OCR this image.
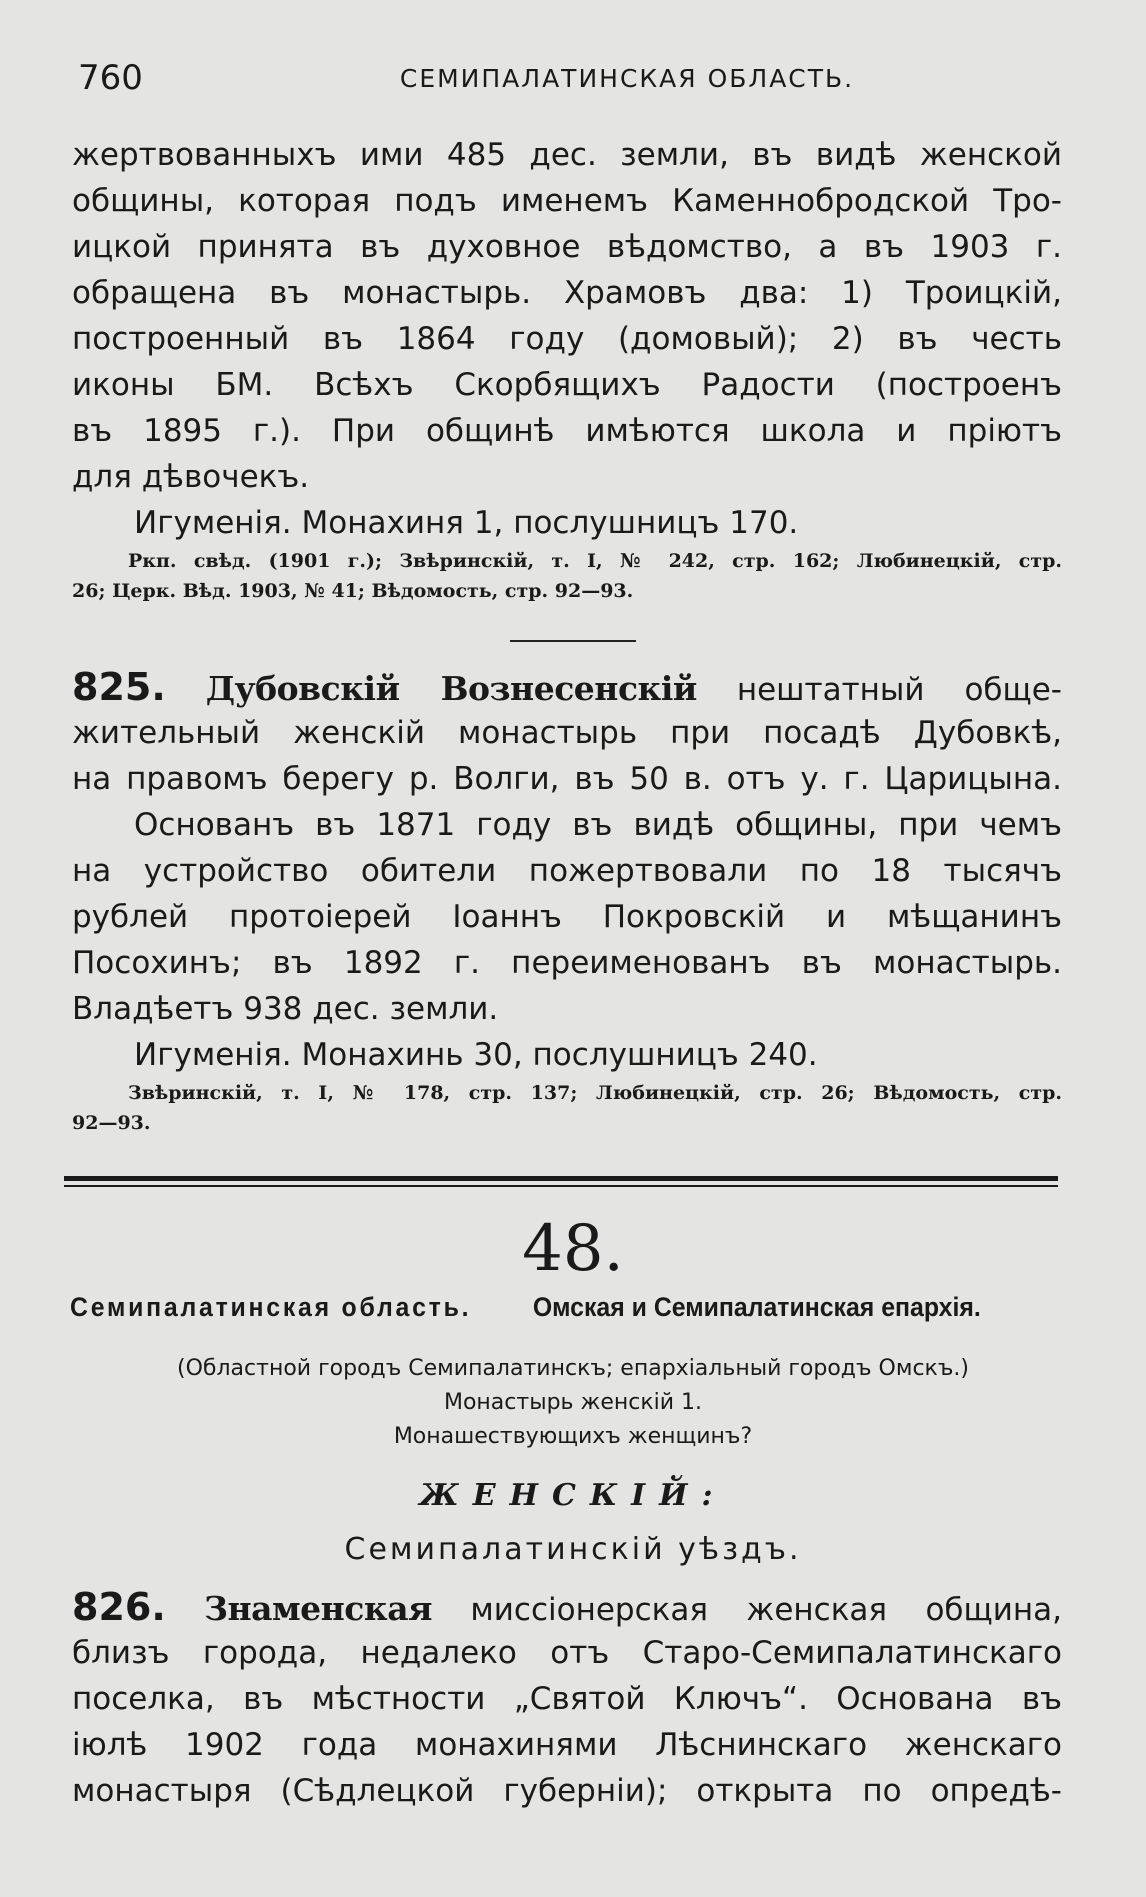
760	СЕМИПАЛАТИНСКАЯ ОБЛАСТЬ.
жертвованныхъ ими 485 дес. земли, въ видѣ женской
общины, которая подъ именемъ Каменнобродской Тро-
ицкой принята въ духовное вѣдомство, а въ 1903 г.
обращена въ монастырь. Храмовъ два: 1) Троицкій,
построенный въ 1864 году (домовый); 2) въ честь
иконы БМ. Всѣхъ Скорбящихъ Радости (построенъ
въ 1895 г.). При общинѣ имѣются школа и пріютъ
для дѣвочекъ.
Игуменія. Монахиня 1, послушницъ 170.
Ркп. свѣд. (1901 г.); Звѣринскій, т. I, № 242, стр. 162; Любинецкій, стр.
26; Церк. Вѣд. 1903, № 41; Вѣдомость, стр. 92—93.
825. Дубовскій Вознесенскій нештатный обще-
жительный женскій монастырь при посадѣ Дубовкѣ,
на правомъ берегу р. Волги, въ 50 в. отъ у. г. Царицына.
Основанъ въ 1871 году въ видѣ общины, при чемъ
на устройство обители пожертвовали по 18 тысячъ
рублей протоіерей Іоаннъ Покровскій и мѣщанинъ
Посохинъ; въ 1892 г. переименованъ въ монастырь.
Владѣетъ 938 дес. земли.
Игуменія. Монахинь 30, послушницъ 240.
Звѣринскій, т. I, № 178, стр. 137; Любинецкій, стр. 26; Вѣдомость, стр.
92—93.
48.
Семипалатинская область. Омская и Семипалатинская епархія.
(Областной городъ Семипалатинскъ; епархіальный городъ Омскъ.)
Монастырь женскій 1.
Монашествующихъ женщинъ?
ЖЕНСКІЙ:
Семипалатинскій уѣздъ.
826. Знаменская миссіонерская женская община,
близъ города, недалеко отъ Старо-Семипалатинскаго
поселка, въ мѣстности „Святой Ключъ“. Основана въ
іюлѣ 1902 года монахинями Лѣснинскаго женскаго
монастыря (Сѣдлецкой губерніи); открыта по опредѣ-
